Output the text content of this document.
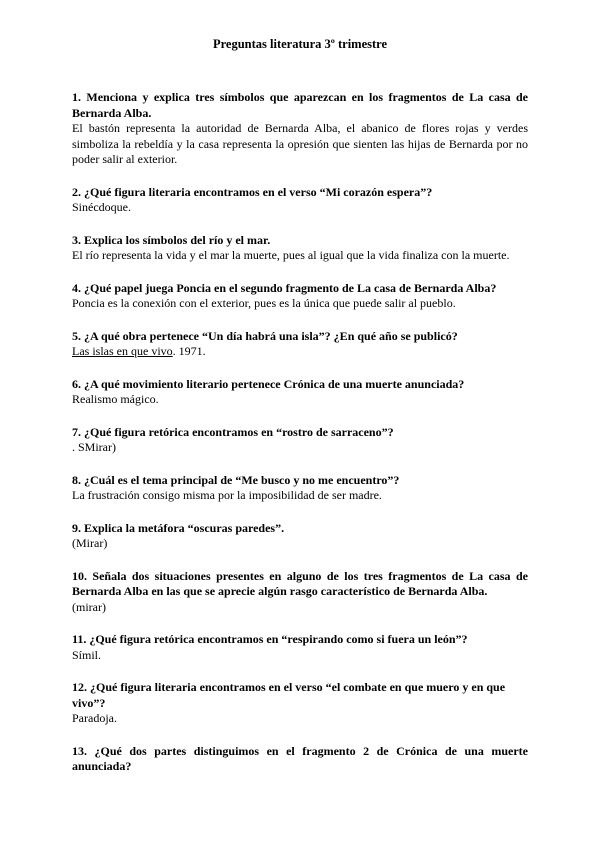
Preguntas literatura 3º trimestre

1. Menciona y explica tres símbolos que aparezcan en los fragmentos de La casa de Bernarda Alba.

El bastón representa la autoridad de Bernarda Alba, el abanico de flores rojas y verdes simboliza la rebeldía y la casa representa la opresión que sienten las hijas de Bernarda por no poder salir al exterior.

2. ¿Qué figura literaria encontramos en el verso “Mi corazón espera”?

Sinécdoque.

3. Explica los símbolos del río y el mar.

El río representa la vida y el mar la muerte, pues al igual que la vida finaliza con la muerte.

4. ¿Qué papel juega Poncia en el segundo fragmento de La casa de Bernarda Alba?

Poncia es la conexión con el exterior, pues es la única que puede salir al pueblo.

5. ¿A qué obra pertenece “Un día habrá una isla”? ¿En qué año se publicó?

Las islas en que vivo. 1971.

6. ¿A qué movimiento literario pertenece Crónica de una muerte anunciada?

Realismo mágico.

7. ¿Qué figura retórica encontramos en “rostro de sarraceno”?

. SMirar)

8. ¿Cuál es el tema principal de “Me busco y no me encuentro”?

La frustración consigo misma por la imposibilidad de ser madre.

9. Explica la metáfora “oscuras paredes”.

(Mirar)

10. Señala dos situaciones presentes en alguno de los tres fragmentos de La casa de Bernarda Alba en las que se aprecie algún rasgo característico de Bernarda Alba.

(mirar)

11. ¿Qué figura retórica encontramos en “respirando como si fuera un león”?

Símil.

12. ¿Qué figura literaria encontramos en el verso “el combate en que muero y en que vivo”?

Paradoja.

13. ¿Qué dos partes distinguimos en el fragmento 2 de Crónica de una muerte anunciada?
